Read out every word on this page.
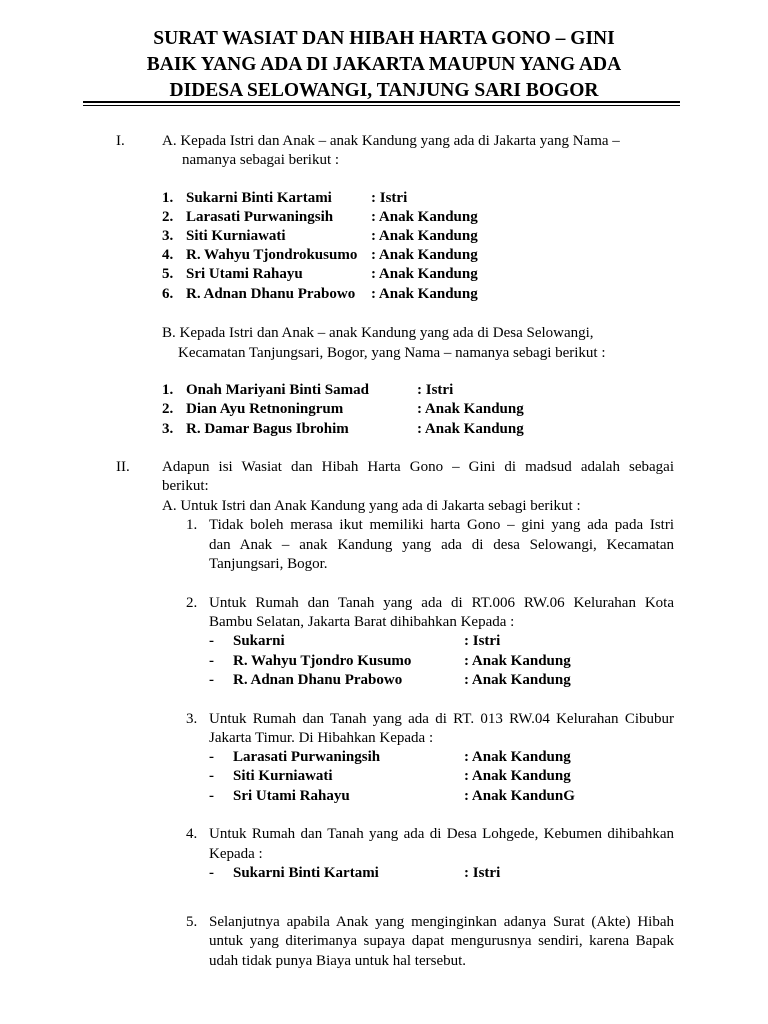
SURAT WASIAT DAN HIBAH HARTA GONO – GINI
BAIK YANG ADA DI JAKARTA MAUPUN YANG ADA
DIDESA SELOWANGI, TANJUNG SARI BOGOR
I. A. Kepada Istri dan Anak – anak Kandung yang ada di Jakarta yang Nama –
namanya sebagai berikut :
1. Sukarni Binti Kartami	: Istri
2. Larasati Purwaningsih	: Anak Kandung
3. Siti Kurniawati	: Anak Kandung
4. R. Wahyu Tjondrokusumo : Anak Kandung
5. Sri Utami Rahayu	: Anak Kandung
6. R. Adnan Dhanu Prabowo : Anak Kandung
B. Kepada Istri dan Anak – anak Kandung yang ada di Desa Selowangi,
Kecamatan Tanjungsari, Bogor, yang Nama – namanya sebagi berikut :
1. Onah Mariyani Binti Samad	: Istri
2. Dian Ayu Retnoningrum	: Anak Kandung
3. R. Damar Bagus Ibrohim	: Anak Kandung
II. Adapun isi Wasiat dan Hibah Harta Gono – Gini di madsud adalah sebagai
berikut:
A. Untuk Istri dan Anak Kandung yang ada di Jakarta sebagi berikut :
1. Tidak boleh merasa ikut memiliki harta Gono – gini yang ada pada Istri
dan Anak – anak Kandung yang ada di desa Selowangi, Kecamatan
Tanjungsari, Bogor.
2. Untuk Rumah dan Tanah yang ada di RT.006 RW.06 Kelurahan Kota
Bambu Selatan, Jakarta Barat dihibahkan Kepada :
- Sukarni	: Istri
- R. Wahyu Tjondro Kusumo	: Anak Kandung
- R. Adnan Dhanu Prabowo	: Anak Kandung
3. Untuk Rumah dan Tanah yang ada di RT. 013 RW.04 Kelurahan Cibubur
Jakarta Timur. Di Hibahkan Kepada :
- Larasati Purwaningsih	: Anak Kandung
- Siti Kurniawati	: Anak Kandung
- Sri Utami Rahayu	: Anak KandunG
4. Untuk Rumah dan Tanah yang ada di Desa Lohgede, Kebumen dihibahkan
Kepada :
- Sukarni Binti Kartami	: Istri
5. Selanjutnya apabila Anak yang menginginkan adanya Surat (Akte) Hibah
untuk yang diterimanya supaya dapat mengurusnya sendiri, karena Bapak
udah tidak punya Biaya untuk hal tersebut.
